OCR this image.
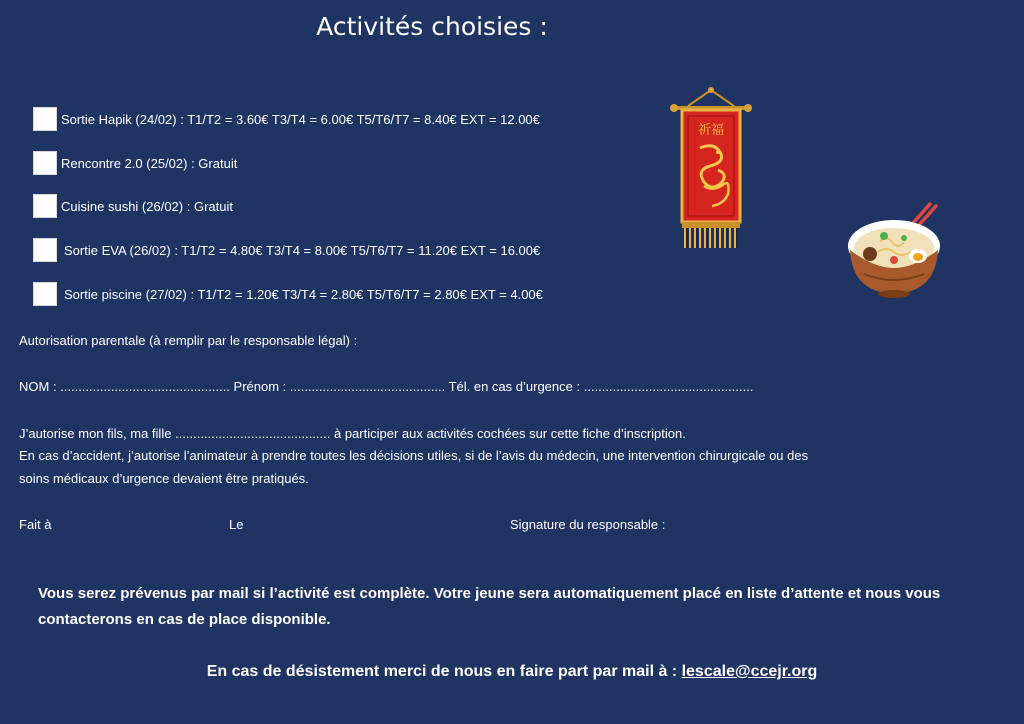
Activités choisies :
Sortie Hapik (24/02) : T1/T2 = 3.60€ T3/T4 = 6.00€ T5/T6/T7 = 8.40€ EXT = 12.00€
Rencontre 2.0 (25/02) : Gratuit
Cuisine sushi (26/02) : Gratuit
Sortie EVA (26/02) : T1/T2 = 4.80€ T3/T4 = 8.00€ T5/T6/T7 = 11.20€ EXT = 16.00€
Sortie piscine (27/02) : T1/T2 = 1.20€ T3/T4 = 2.80€ T5/T6/T7 = 2.80€ EXT = 4.00€
祈福
Autorisation parentale (à remplir par le responsable légal) :
NOM : ............................................... Prénom : ........................................... Tél. en cas d’urgence : ...............................................
J’autorise mon fils, ma fille ........................................... à participer aux activités cochées sur cette fiche d’inscription.
En cas d’accident, j’autorise l’animateur à prendre toutes les décisions utiles, si de l’avis du médecin, une intervention chirurgicale ou des
soins médicaux d’urgence devaient être pratiqués.
Fait à	Le	Signature du responsable :
Vous serez prévenus par mail si l’activité est complète. Votre jeune sera automatiquement placé en liste d’attente et nous vous
contacterons en cas de place disponible.
En cas de désistement merci de nous en faire part par mail à : lescale@ccejr.org
